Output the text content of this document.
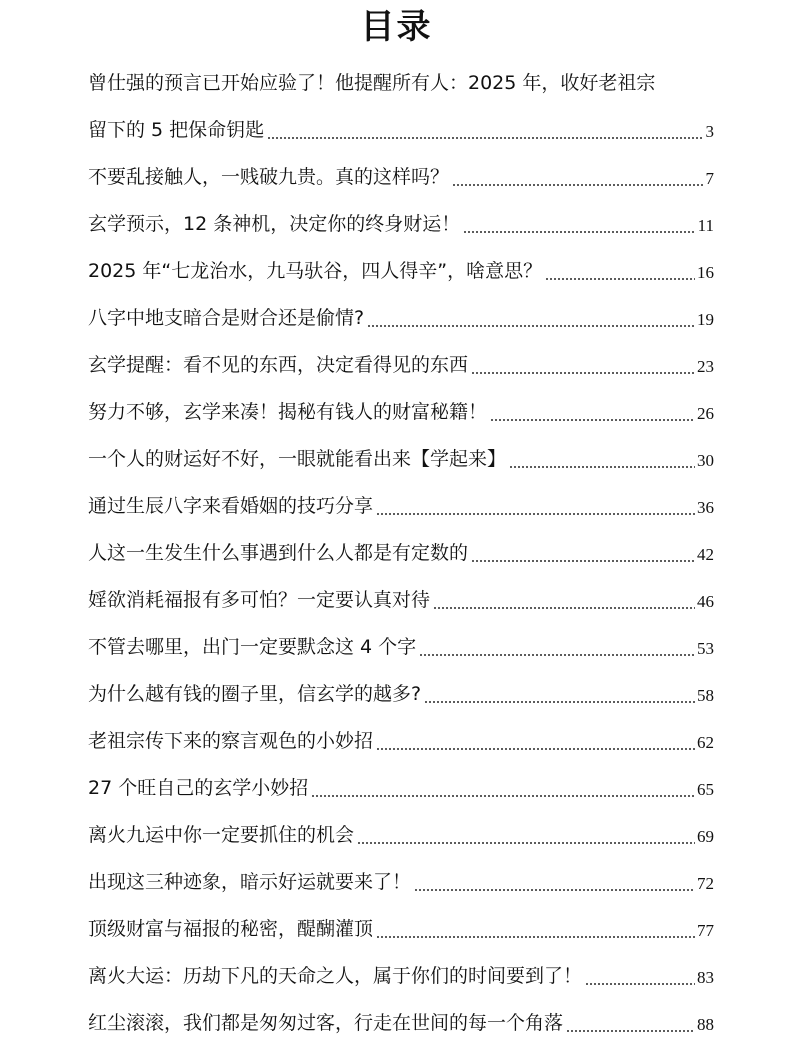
目录
曾仕强的预言已开始应验了！他提醒所有人：2025 年，收好老祖宗
留下的 5 把保命钥匙	3
不要乱接触人，一贱破九贵。真的这样吗？	7
玄学预示，12 条神机，决定你的终身财运！	11
2025 年“七龙治水，九马驮谷，四人得辛”，啥意思？	16
八字中地支暗合是财合还是偷情?	19
玄学提醒：看不见的东西，决定看得见的东西	23
努力不够，玄学来凑！揭秘有钱人的财富秘籍！	26
一个人的财运好不好，一眼就能看出来【学起来】	30
通过生辰八字来看婚姻的技巧分享	36
人这一生发生什么事遇到什么人都是有定数的	42
婬欲消耗福报有多可怕？一定要认真对待	46
不管去哪里，出门一定要默念这 4 个字	53
为什么越有钱的圈子里，信玄学的越多?	58
老祖宗传下来的察言观色的小妙招	62
27 个旺自己的玄学小妙招	65
离火九运中你一定要抓住的机会	69
出现这三种迹象，暗示好运就要来了！	72
顶级财富与福报的秘密，醍醐灌顶	77
离火大运：历劫下凡的天命之人，属于你们的时间要到了！	83
红尘滚滚，我们都是匆匆过客，行走在世间的每一个角落	88
